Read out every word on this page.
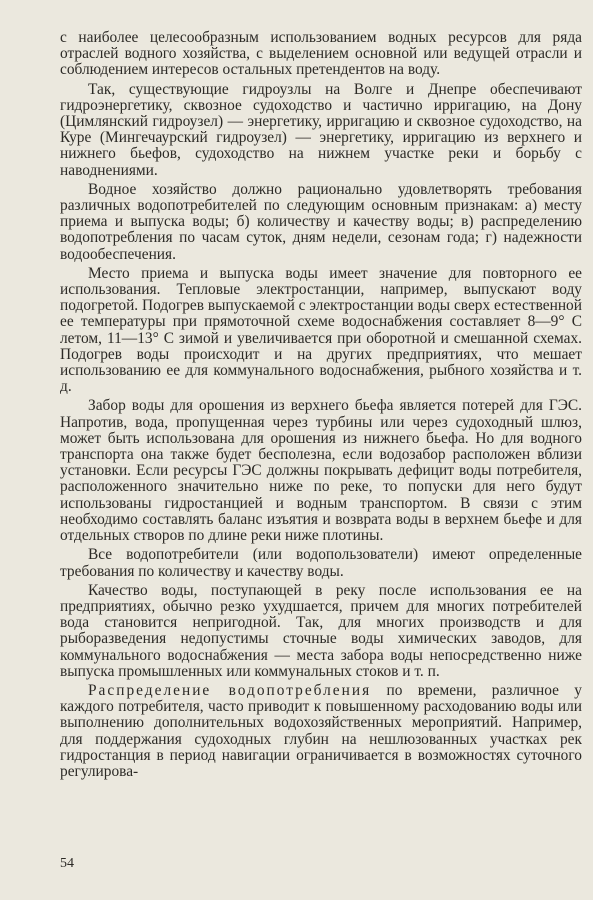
с наиболее целесообразным использованием водных ресурсов для ряда отраслей водного хозяйства, с выделением основной или ведущей отрасли и соблюдением интересов остальных претендентов на воду.

Так, существующие гидроузлы на Волге и Днепре обеспечивают гидроэнергетику, сквозное судоходство и частично ирригацию, на Дону (Цимлянский гидроузел) — энергетику, ирригацию и сквозное судоходство, на Куре (Мингечаурский гидроузел) — энергетику, ирригацию из верхнего и нижнего бьефов, судоходство на нижнем участке реки и борьбу с наводнениями.

Водное хозяйство должно рационально удовлетворять требования различных водопотребителей по следующим основным признакам: а) месту приема и выпуска воды; б) количеству и качеству воды; в) распределению водопотребления по часам суток, дням недели, сезонам года; г) надежности водообеспечения.

Место приема и выпуска воды имеет значение для повторного ее использования. Тепловые электростанции, например, выпускают воду подогретой. Подогрев выпускаемой с электростанции воды сверх естественной ее температуры при прямоточной схеме водоснабжения составляет 8—9° С летом, 11—13° С зимой и увеличивается при оборотной и смешанной схемах. Подогрев воды происходит и на других предприятиях, что мешает использованию ее для коммунального водоснабжения, рыбного хозяйства и т. д.

Забор воды для орошения из верхнего бьефа является потерей для ГЭС. Напротив, вода, пропущенная через турбины или через судоходный шлюз, может быть использована для орошения из нижнего бьефа. Но для водного транспорта она также будет бесполезна, если водозабор расположен вблизи установки. Если ресурсы ГЭС должны покрывать дефицит воды потребителя, расположенного значительно ниже по реке, то попуски для него будут использованы гидростанцией и водным транспортом. В связи с этим необходимо составлять баланс изъятия и возврата воды в верхнем бьефе и для отдельных створов по длине реки ниже плотины.

Все водопотребители (или водопользователи) имеют определенные требования по количеству и качеству воды.

Качество воды, поступающей в реку после использования ее на предприятиях, обычно резко ухудшается, причем для многих потребителей вода становится непригодной. Так, для многих производств и для рыборазведения недопустимы сточные воды химических заводов, для коммунального водоснабжения — места забора воды непосредственно ниже выпуска промышленных или коммунальных стоков и т. п.

Распределение водопотребления по времени, различное у каждого потребителя, часто приводит к повышенному расходованию воды или выполнению дополнительных водохозяйственных мероприятий. Например, для поддержания судоходных глубин на нешлюзованных участках рек гидростанция в период навигации ограничивается в возможностях суточного регулирова-

54
